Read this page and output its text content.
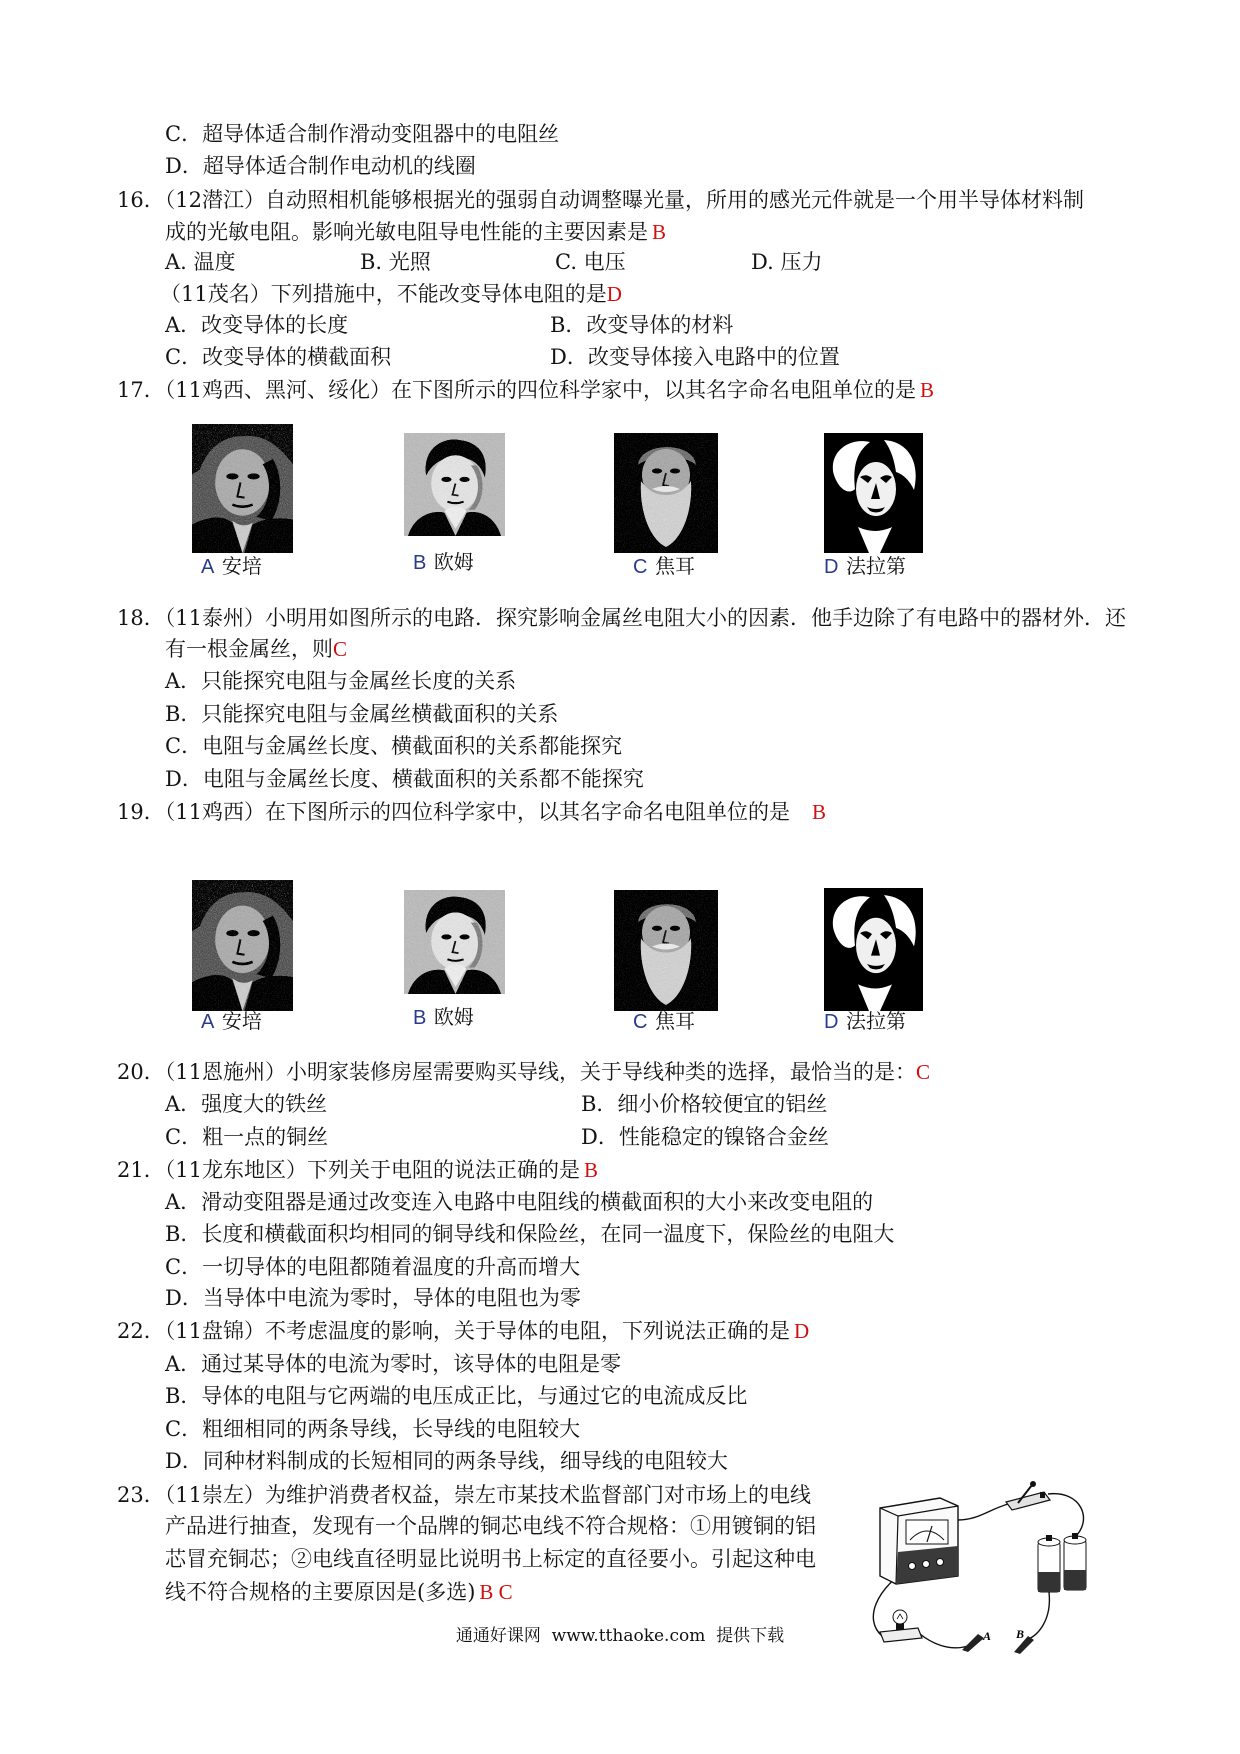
C．超导体适合制作滑动变阻器中的电阻丝
D．超导体适合制作电动机的线圈
16．（12潜江）自动照相机能够根据光的强弱自动调整曝光量，所用的感光元件就是一个用半导体材料制
成的光敏电阻。影响光敏电阻导电性能的主要因素是 B
A. 温度	B. 光照	C. 电压	D. 压力
（11茂名）下列措施中，不能改变导体电阻的是D
A．改变导体的长度	B．改变导体的材料
C．改变导体的横截面积	D．改变导体接入电路中的位置
17．（11鸡西、黑河、绥化）在下图所示的四位科学家中，以其名字命名电阻单位的是 B
A 安培	B 欧姆	C 焦耳	D 法拉第
18．（11泰州）小明用如图所示的电路．探究影响金属丝电阻大小的因素．他手边除了有电路中的器材外．还
有一根金属丝，则C
A．只能探究电阻与金属丝长度的关系
B．只能探究电阻与金属丝横截面积的关系
C．电阻与金属丝长度、横截面积的关系都能探究
D．电阻与金属丝长度、横截面积的关系都不能探究
19．（11鸡西）在下图所示的四位科学家中，以其名字命名电阻单位的是 B
A 安培	B 欧姆	C 焦耳	D 法拉第
20．（11恩施州）小明家装修房屋需要购买导线，关于导线种类的选择，最恰当的是：C
A．强度大的铁丝	B．细小价格较便宜的铝丝
C．粗一点的铜丝	D．性能稳定的镍铬合金丝
21．（11龙东地区）下列关于电阻的说法正确的是 B
A．滑动变阻器是通过改变连入电路中电阻线的横截面积的大小来改变电阻的
B．长度和横截面积均相同的铜导线和保险丝，在同一温度下，保险丝的电阻大
C．一切导体的电阻都随着温度的升高而增大
D．当导体中电流为零时，导体的电阻也为零
22．（11盘锦）不考虑温度的影响，关于导体的电阻，下列说法正确的是 D
A．通过某导体的电流为零时，该导体的电阻是零
B．导体的电阻与它两端的电压成正比，与通过它的电流成反比
C．粗细相同的两条导线，长导线的电阻较大
D．同种材料制成的长短相同的两条导线，细导线的电阻较大
23．（11崇左）为维护消费者权益，崇左市某技术监督部门对市场上的电线
产品进行抽查，发现有一个品牌的铜芯电线不符合规格：①用镀铜的铝
芯冒充铜芯；②电线直径明显比说明书上标定的直径要小。引起这种电
线不符合规格的主要原因是(多选) B C
A B
通通好课网  www.tthaoke.com  提供下载
